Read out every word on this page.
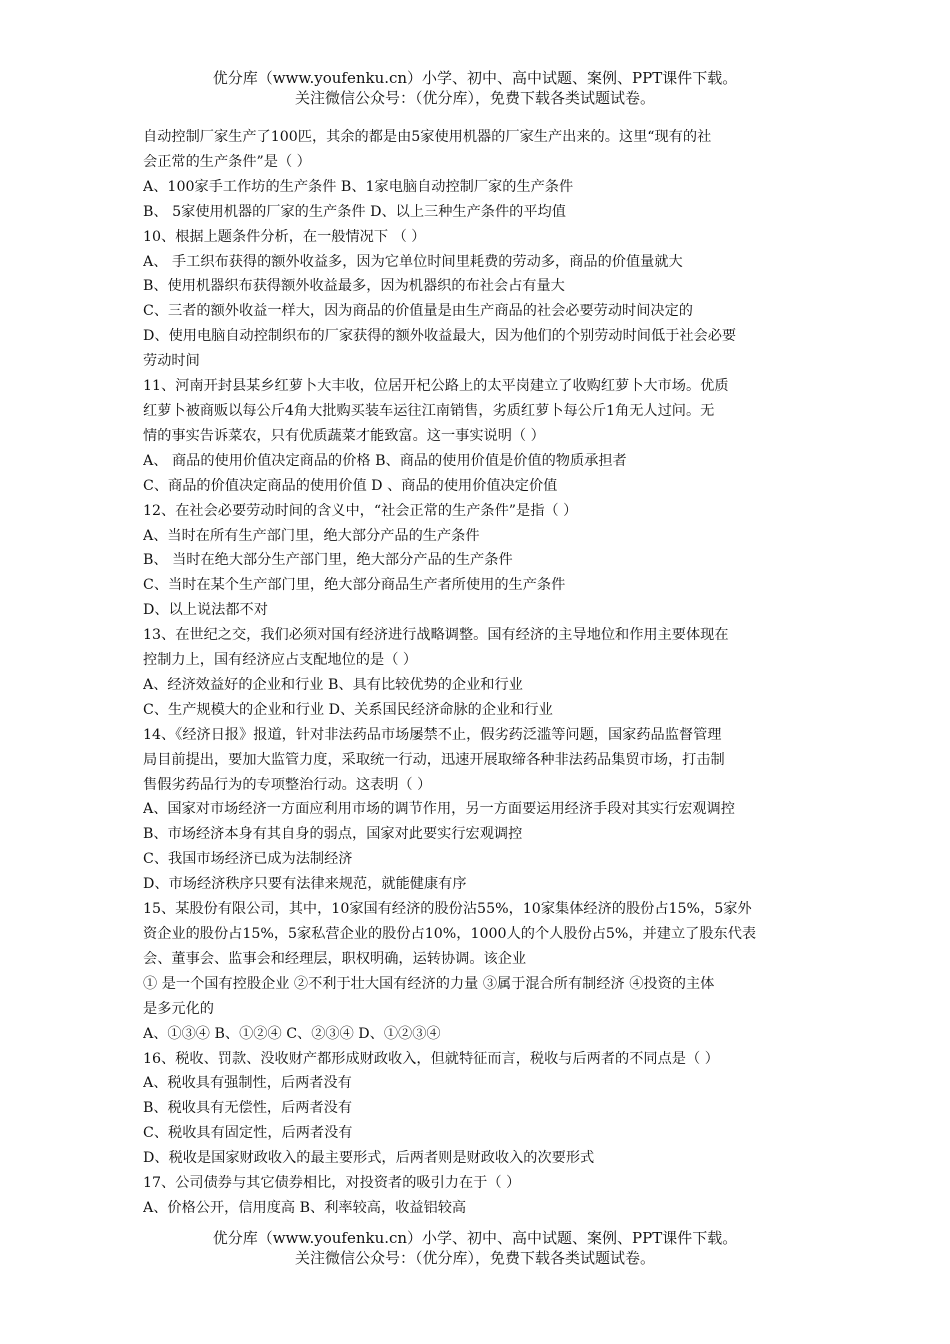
优分库（www.youfenku.cn）小学、初中、高中试题、案例、PPT课件下载。
关注微信公众号：（优分库），免费下载各类试题试卷。
自动控制厂家生产了100匹，其余的都是由5家使用机器的厂家生产出来的。这里“现有的社
会正常的生产条件”是（ ）
A、100家手工作坊的生产条件 B、1家电脑自动控制厂家的生产条件
B、 5家使用机器的厂家的生产条件 D、以上三种生产条件的平均值
10、根据上题条件分析，在一般情况下 （ ）
A、 手工织布获得的额外收益多，因为它单位时间里耗费的劳动多，商品的价值量就大
B、使用机器织布获得额外收益最多，因为机器织的布社会占有量大
C、三者的额外收益一样大，因为商品的价值量是由生产商品的社会必要劳动时间决定的
D、使用电脑自动控制织布的厂家获得的额外收益最大，因为他们的个别劳动时间低于社会必要
劳动时间
11、河南开封县某乡红萝卜大丰收，位居开杞公路上的太平岗建立了收购红萝卜大市场。优质
红萝卜被商贩以每公斤4角大批购买装车运往江南销售，劣质红萝卜每公斤1角无人过问。无
情的事实告诉菜农，只有优质蔬菜才能致富。这一事实说明（ ）
A、 商品的使用价值决定商品的价格 B、商品的使用价值是价值的物质承担者
C、商品的价值决定商品的使用价值 D 、商品的使用价值决定价值
12、在社会必要劳动时间的含义中，“社会正常的生产条件”是指（ ）
A、当时在所有生产部门里，绝大部分产品的生产条件
B、 当时在绝大部分生产部门里，绝大部分产品的生产条件
C、当时在某个生产部门里，绝大部分商品生产者所使用的生产条件
D、以上说法都不对
13、在世纪之交，我们必须对国有经济进行战略调整。国有经济的主导地位和作用主要体现在
控制力上，国有经济应占支配地位的是（ ）
A、经济效益好的企业和行业 B、具有比较优势的企业和行业
C、生产规模大的企业和行业 D、关系国民经济命脉的企业和行业
14、《经济日报》报道，针对非法药品市场屡禁不止，假劣药泛滥等问题，国家药品监督管理
局目前提出，要加大监管力度，采取统一行动，迅速开展取缔各种非法药品集贸市场，打击制
售假劣药品行为的专项整治行动。这表明（ ）
A、国家对市场经济一方面应利用市场的调节作用，另一方面要运用经济手段对其实行宏观调控
B、市场经济本身有其自身的弱点，国家对此要实行宏观调控
C、我国市场经济已成为法制经济
D、市场经济秩序只要有法律来规范，就能健康有序
15、某股份有限公司，其中，10家国有经济的股份沾55%，10家集体经济的股份占15%，5家外
资企业的股份占15%，5家私营企业的股份占10%，1000人的个人股份占5%，并建立了股东代表
会、董事会、监事会和经理层，职权明确，运转协调。该企业
① 是一个国有控股企业 ②不利于壮大国有经济的力量 ③属于混合所有制经济 ④投资的主体
是多元化的
A、①③④ B、①②④ C、②③④ D、①②③④
16、税收、罚款、没收财产都形成财政收入，但就特征而言，税收与后两者的不同点是（ ）
A、税收具有强制性，后两者没有
B、税收具有无偿性，后两者没有
C、税收具有固定性，后两者没有
D、税收是国家财政收入的最主要形式，后两者则是财政收入的次要形式
17、公司债券与其它债券相比，对投资者的吸引力在于（ ）
A、价格公开，信用度高 B、利率较高，收益铝较高
优分库（www.youfenku.cn）小学、初中、高中试题、案例、PPT课件下载。
关注微信公众号：（优分库），免费下载各类试题试卷。
